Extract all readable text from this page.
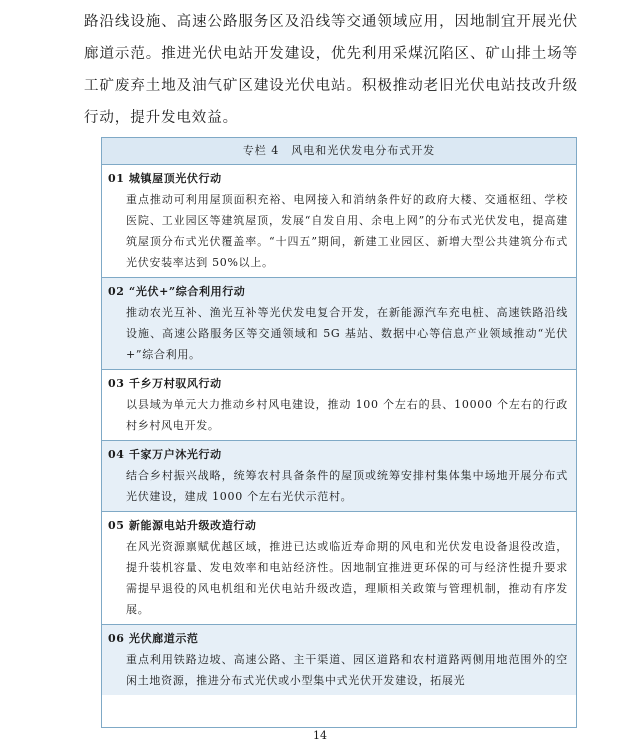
路沿线设施、高速公路服务区及沿线等交通领域应用，因地制宜开展光伏廊道示范。推进光伏电站开发建设，优先利用采煤沉陷区、矿山排土场等工矿废弃土地及油气矿区建设光伏电站。积极推动老旧光伏电站技改升级行动，提升发电效益。

专栏 4　风电和光伏发电分布式开发
01 城镇屋顶光伏行动
重点推动可利用屋顶面积充裕、电网接入和消纳条件好的政府大楼、交通枢纽、学校医院、工业园区等建筑屋顶，发展“自发自用、余电上网”的分布式光伏发电，提高建筑屋顶分布式光伏覆盖率。“十四五”期间，新建工业园区、新增大型公共建筑分布式光伏安装率达到 50%以上。
02 “光伏+”综合利用行动
推动农光互补、渔光互补等光伏发电复合开发，在新能源汽车充电桩、高速铁路沿线设施、高速公路服务区等交通领域和 5G 基站、数据中心等信息产业领域推动“光伏+”综合利用。
03 千乡万村驭风行动
以县域为单元大力推动乡村风电建设，推动 100 个左右的县、10000 个左右的行政村乡村风电开发。
04 千家万户沐光行动
结合乡村振兴战略，统筹农村具备条件的屋顶或统筹安排村集体集中场地开展分布式光伏建设，建成 1000 个左右光伏示范村。
05 新能源电站升级改造行动
在风光资源禀赋优越区域，推进已达或临近寿命期的风电和光伏发电设备退役改造，提升装机容量、发电效率和电站经济性。因地制宜推进更环保的可与经济性提升要求需提早退役的风电机组和光伏电站升级改造，理顺相关政策与管理机制，推动有序发展。
06 光伏廊道示范
重点利用铁路边坡、高速公路、主干渠道、园区道路和农村道路两侧用地范围外的空闲土地资源，推进分布式光伏或小型集中式光伏开发建设，拓展光
14
